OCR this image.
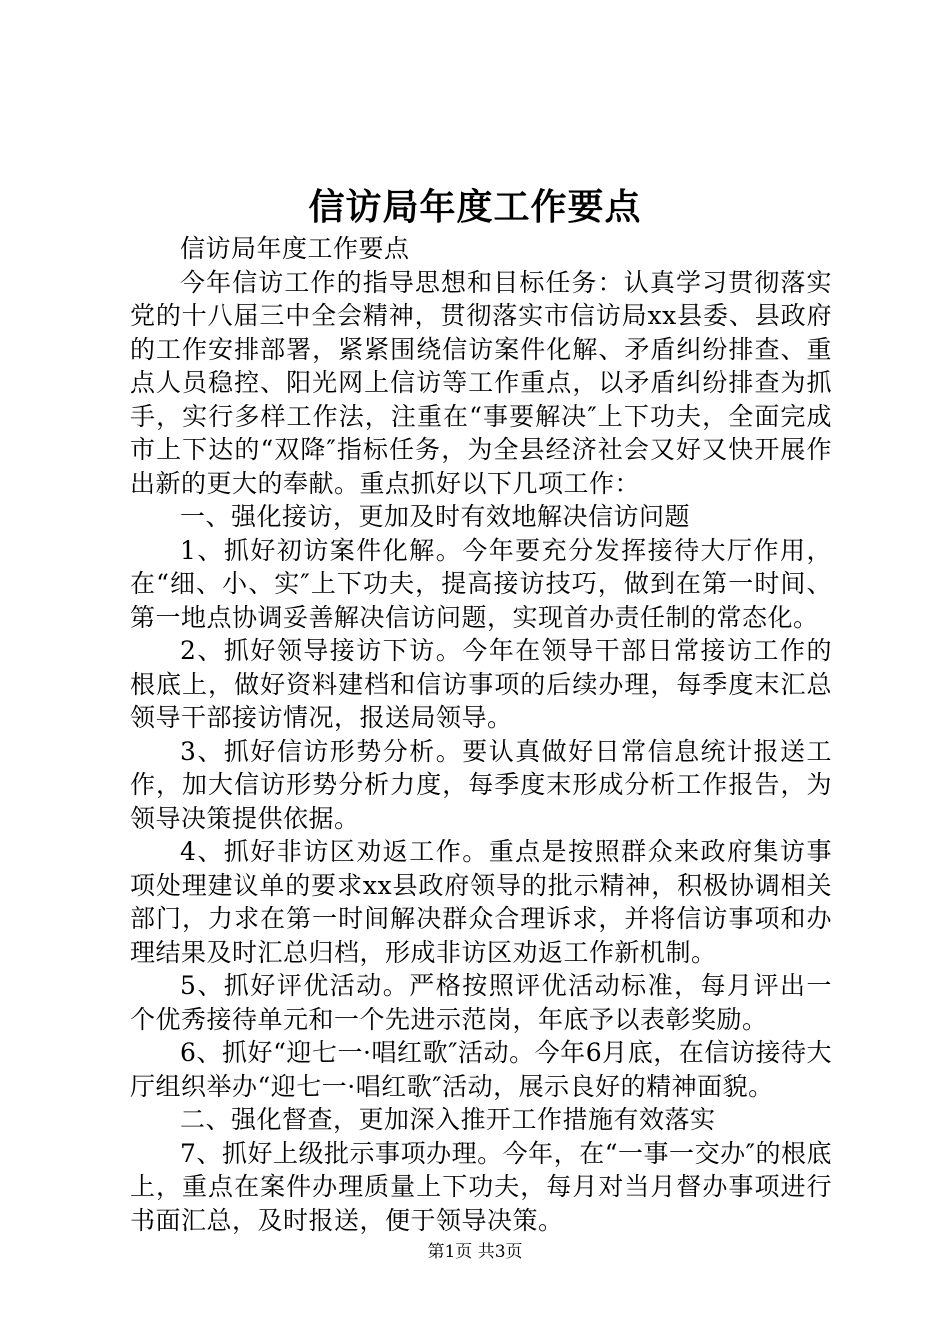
信访局年度工作要点

信访局年度工作要点

今年信访工作的指导思想和目标任务：认真学习贯彻落实党的十八届三中全会精神，贯彻落实市信访局xx县委、县政府的工作安排部署，紧紧围绕信访案件化解、矛盾纠纷排查、重点人员稳控、阳光网上信访等工作重点，以矛盾纠纷排查为抓手，实行多样工作法，注重在“事要解决″上下功夫，全面完成市上下达的“双降″指标任务，为全县经济社会又好又快开展作出新的更大的奉献。重点抓好以下几项工作：

一、强化接访，更加及时有效地解决信访问题

1、抓好初访案件化解。今年要充分发挥接待大厅作用，在“细、小、实″上下功夫，提高接访技巧，做到在第一时间、第一地点协调妥善解决信访问题，实现首办责任制的常态化。

2、抓好领导接访下访。今年在领导干部日常接访工作的根底上，做好资料建档和信访事项的后续办理，每季度末汇总领导干部接访情况，报送局领导。

3、抓好信访形势分析。要认真做好日常信息统计报送工作，加大信访形势分析力度，每季度末形成分析工作报告，为领导决策提供依据。

4、抓好非访区劝返工作。重点是按照群众来政府集访事项处理建议单的要求xx县政府领导的批示精神，积极协调相关部门，力求在第一时间解决群众合理诉求，并将信访事项和办理结果及时汇总归档，形成非访区劝返工作新机制。

5、抓好评优活动。严格按照评优活动标准，每月评出一个优秀接待单元和一个先进示范岗，年底予以表彰奖励。

6、抓好“迎七一·唱红歌″活动。今年6月底，在信访接待大厅组织举办“迎七一·唱红歌″活动，展示良好的精神面貌。

二、强化督查，更加深入推开工作措施有效落实

7、抓好上级批示事项办理。今年，在“一事一交办″的根底上，重点在案件办理质量上下功夫，每月对当月督办事项进行书面汇总，及时报送，便于领导决策。

第1页 共3页
